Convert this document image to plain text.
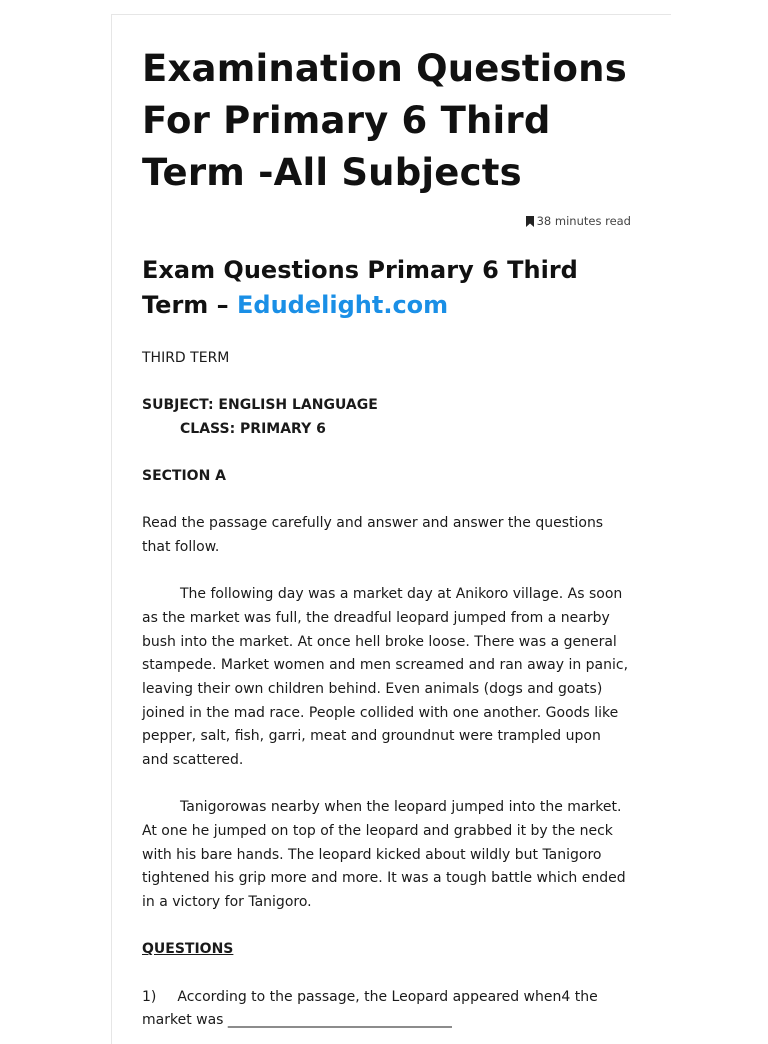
Examination Questions For Primary 6 Third Term -All Subjects
38 minutes read
Exam Questions Primary 6 Third Term – Edudelight.com

THIRD TERM

SUBJECT: ENGLISH LANGUAGE

CLASS: PRIMARY 6

SECTION A

Read the passage carefully and answer and answer the questions that follow.

The following day was a market day at Anikoro village. As soon as the market was full, the dreadful leopard jumped from a nearby bush into the market. At once hell broke loose. There was a general stampede. Market women and men screamed and ran away in panic, leaving their own children behind. Even animals (dogs and goats) joined in the mad race. People collided with one another. Goods like pepper, salt, fish, garri, meat and groundnut were trampled upon and scattered.

Tanigorowas nearby when the leopard jumped into the market. At one he jumped on top of the leopard and grabbed it by the neck with his bare hands. The leopard kicked about wildly but Tanigoro tightened his grip more and more. It was a tough battle which ended in a victory for Tanigoro.

QUESTIONS

1) According to the passage, the Leopard appeared when4 the market was ________________________________
